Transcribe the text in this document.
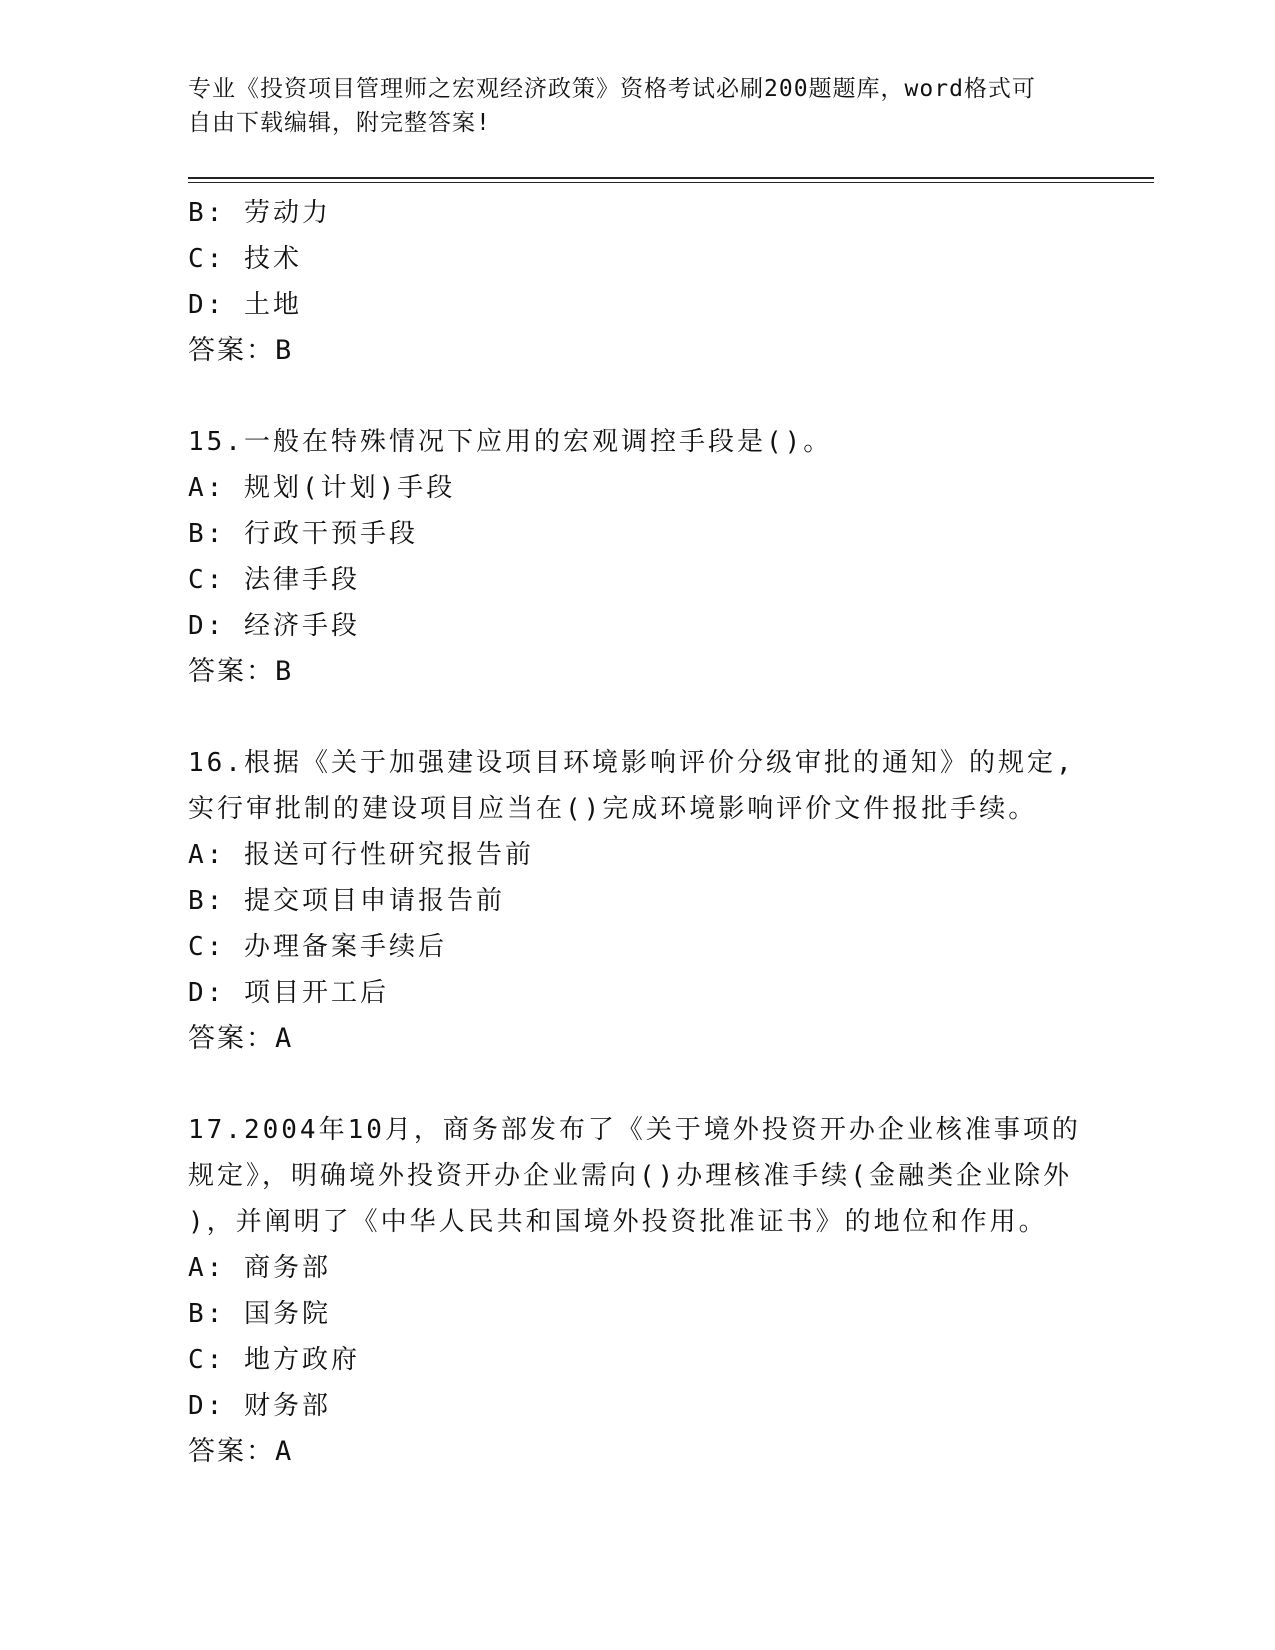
专业《投资项目管理师之宏观经济政策》资格考试必刷200题题库，word格式可
自由下载编辑，附完整答案!
B: 劳动力
C: 技术
D: 土地
答案：B
15.一般在特殊情况下应用的宏观调控手段是()。
A: 规划(计划)手段
B: 行政干预手段
C: 法律手段
D: 经济手段
答案：B
16.根据《关于加强建设项目环境影响评价分级审批的通知》的规定,
实行审批制的建设项目应当在()完成环境影响评价文件报批手续。
A: 报送可行性研究报告前
B: 提交项目申请报告前
C: 办理备案手续后
D: 项目开工后
答案：A
17.2004年10月，商务部发布了《关于境外投资开办企业核准事项的
规定》，明确境外投资开办企业需向()办理核准手续(金融类企业除外
)，并阐明了《中华人民共和国境外投资批准证书》的地位和作用。
A: 商务部
B: 国务院
C: 地方政府
D: 财务部
答案：A
